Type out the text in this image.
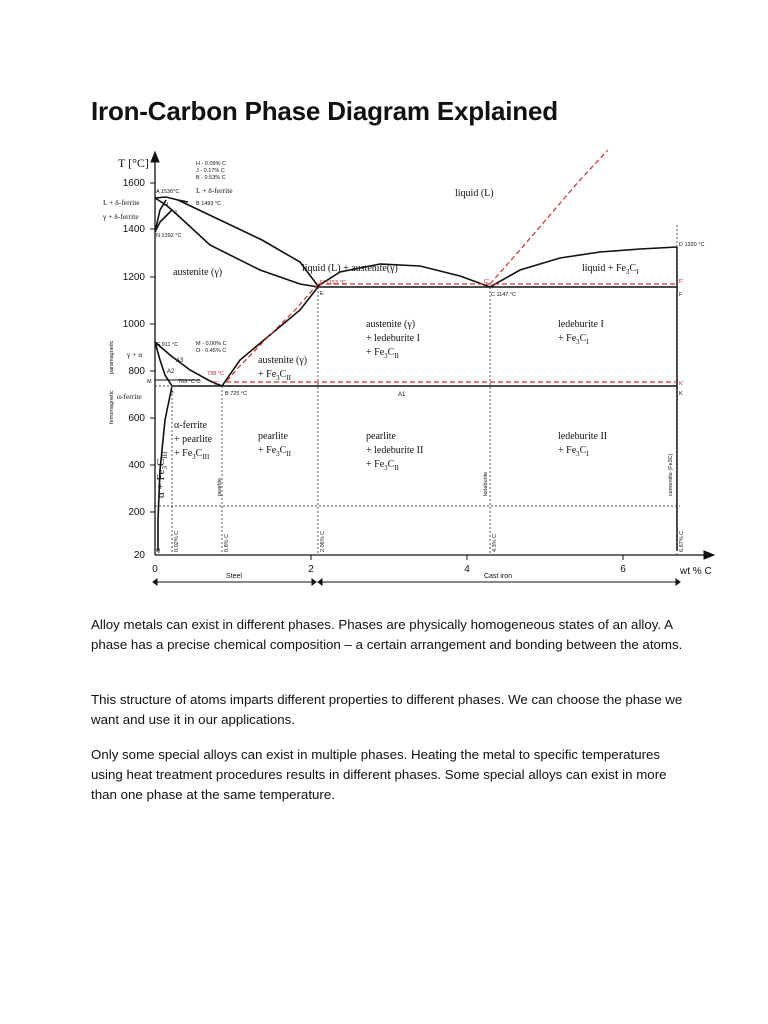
Iron-Carbon Phase Diagram Explained
T [°C]
1600
1400
1200
1000
800
600
400
200
20
0	2	4	6	wt % C
Steel	Cast iron
H - 0.09% C
J - 0.17% C
B - 0.53% C
M - 0.00% C
O - 0.45% C
A 1536°C
B 1493 °C
H
J
N 1392 °C
D 1320 °C
E' 1153 °C
E
C'
C 1147 °C
F'
F
G 911 °C
M	769 °C O
P
S'
738 °C
B 725 °C
K'
K
Q
L + δ-ferrite
γ + δ-ferrite
γ + α
α-ferrite
L + δ-ferrite	liquid (L)
liquid (L) + austenite(γ)	liquid + $Fe_3C_I$
austenite (γ)
austenite (γ)
+ ledeburite I
+ $Fe_3C_{II}$
ledeburite I
+ $Fe_3C_I$
austenite (γ)
+ $Fe_3C_{II}$
α-ferrite
+ pearlite
+ $Fe_3C_{III}$
pearlite
+ $Fe_3C_{II}$
pearlite
+ ledeburite II
+ $Fe_3C_{II}$
ledeburite II
+ $Fe_3C_I$
$\alpha + Fe_3C_{III}$
A3
A2
A1
paramagnetic
ferromagnetic
0.02% C	0.8% C	2.06% C	4.3% C	6.67% C
pearlite	ledeburite	cementite (Fe3C)

Alloy metals can exist in different phases. Phases are physically homogeneous states of an alloy. A phase has a precise chemical composition – a certain arrangement and bonding between the atoms.

This structure of atoms imparts different properties to different phases. We can choose the phase we want and use it in our applications.

Only some special alloys can exist in multiple phases. Heating the metal to specific temperatures using heat treatment procedures results in different phases. Some special alloys can exist in more than one phase at the same temperature.
